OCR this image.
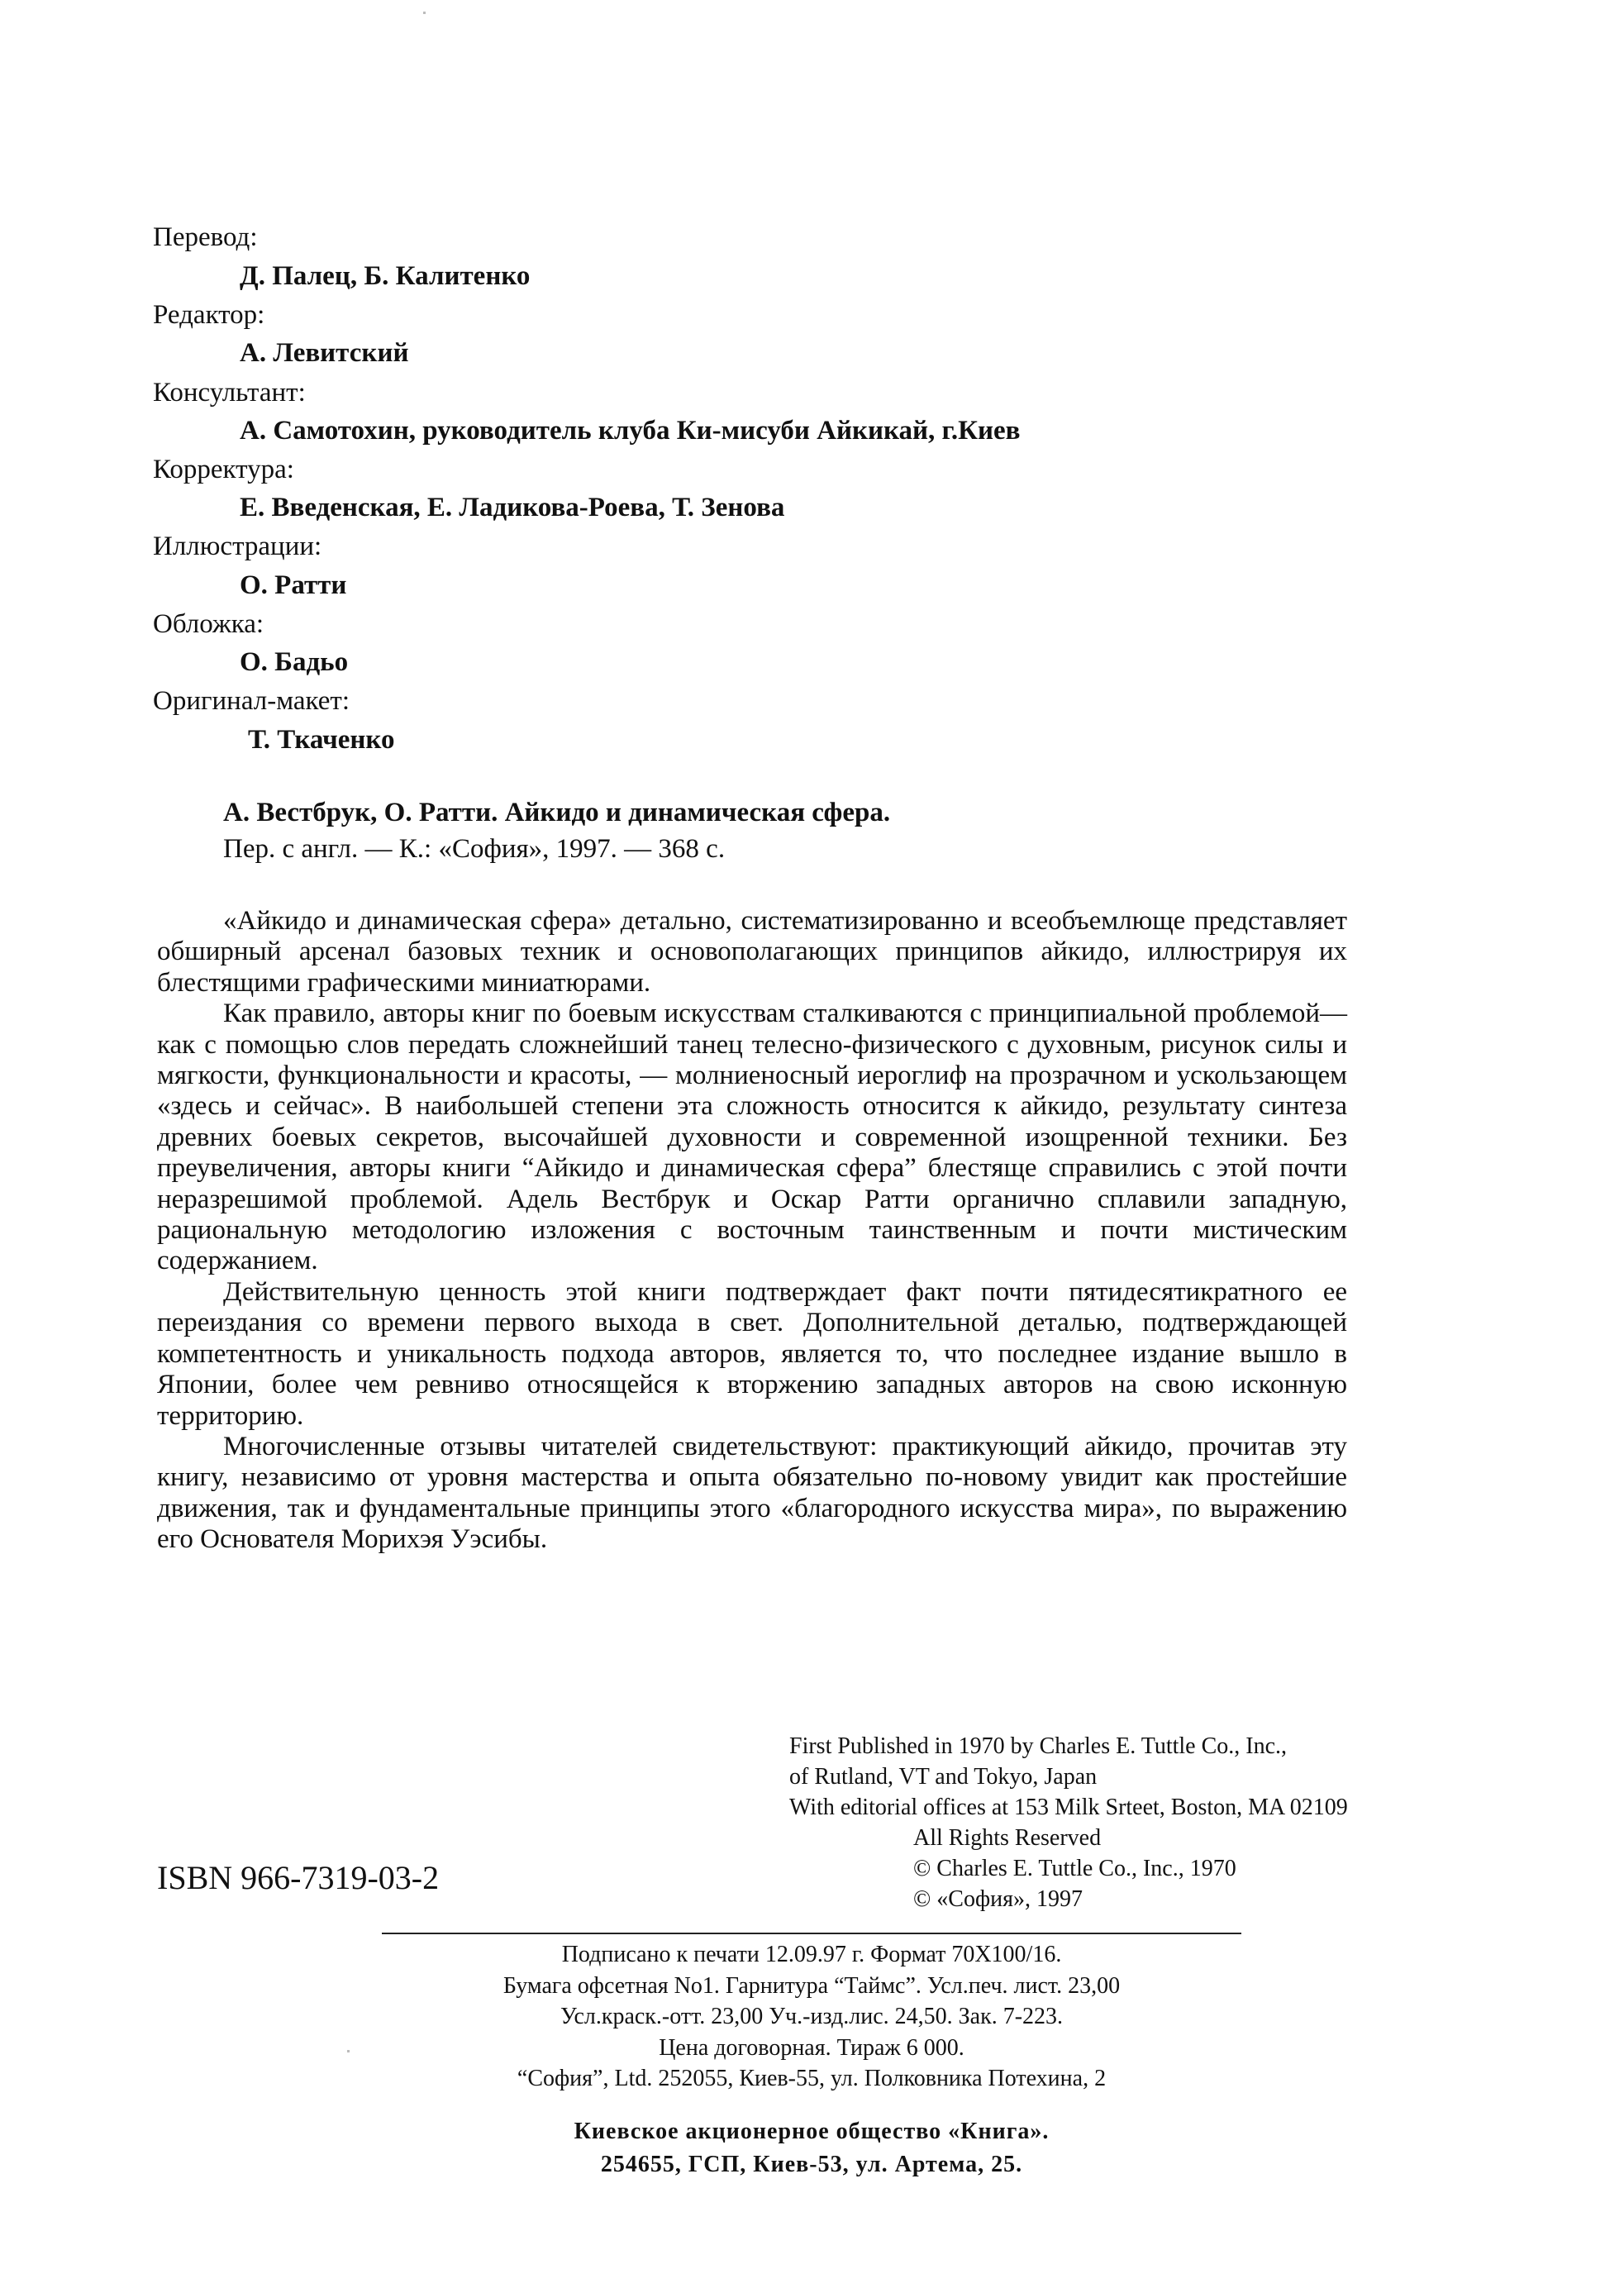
Перевод:
Д. Палец, Б. Калитенко
Редактор:
А. Левитский
Консультант:
А. Самотохин, руководитель клуба Ки-мисуби Айкикай, г.Киев
Корректура:
Е. Введенская, Е. Ладикова-Роева, Т. Зенова
Иллюстрации:
О. Ратти
Обложка:
О. Бадьо
Оригинал-макет:
Т. Ткаченко
А. Вестбрук, О. Ратти. Айкидо и динамическая сфера.
Пер. с англ. — К.: «София», 1997. — 368 с.

«Айкидо и динамическая сфера» детально, систематизированно и всеобъемлюще представляет обширный арсенал базовых техник и основополагающих принципов айкидо, иллюстрируя их блестящими графическими миниатюрами.

Как правило, авторы книг по боевым искусствам сталкиваются с принципиальной проблемой— как с помощью слов передать сложнейший танец телесно-физического с духовным, рисунок силы и мягкости, функциональности и красоты, — молниеносный иероглиф на прозрачном и ускользающем «здесь и сейчас». В наибольшей степени эта сложность относится к айкидо, результату синтеза древних боевых секретов, высочайшей духовности и современной изощренной техники. Без преувеличения, авторы книги “Айкидо и динамическая сфера” блестяще справились с этой почти неразрешимой проблемой. Адель Вестбрук и Оскар Ратти органично сплавили западную, рациональную методологию изложения с восточным таинственным и почти мистическим содержанием.

Действительную ценность этой книги подтверждает факт почти пятидесятикратного ее переиздания со времени первого выхода в свет. Дополнительной деталью, подтверждающей компетентность и уникальность подхода авторов, является то, что последнее издание вышло в Японии, более чем ревниво относящейся к вторжению западных авторов на свою исконную территорию.

Многочисленные отзывы читателей свидетельствуют: практикующий айкидо, прочитав эту книгу, независимо от уровня мастерства и опыта обязательно по-новому увидит как простейшие движения, так и фундаментальные принципы этого «благородного искусства мира», по выражению его Основателя Морихэя Уэсибы.

First Published in 1970 by Charles E. Tuttle Co., Inc.,
of Rutland, VT and Tokyo, Japan
With editorial offices at 153 Milk Srteet, Boston, MA 02109
All Rights Reserved
© Charles E. Tuttle Co., Inc., 1970
© «София», 1997
ISBN 966-7319-03-2
Подписано к печати 12.09.97 г. Формат 70X100/16.
Бумага офсетная No1. Гарнитура “Таймс”. Усл.печ. лист. 23,00
Усл.краск.-отт. 23,00 Уч.-изд.лис. 24,50. Зак. 7-223.
Цена договорная. Тираж 6 000.
“София”, Ltd. 252055, Киев-55, ул. Полковника Потехина, 2
Киевское акционерное общество «Книга».
254655, ГСП, Киев-53, ул. Артема, 25.
